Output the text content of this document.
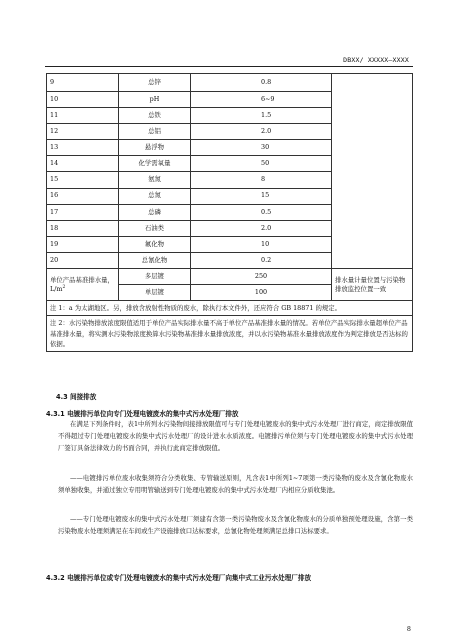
DBXX/ XXXXX—XXXX
9	总锌	0.8	
10	pH	6~9	
11	总铁	1.5	
12	总铝	2.0	
13	悬浮物	30	
14	化学需氧量	50	
15	氨氮	8	
16	总氮	15	
17	总磷	0.5	
18	石油类	2.0	
19	氟化物	10	
20	总氰化物	0.2	
单位产品基准排水量，$L/m^2$	多层镀	250	排水量计量位置与污染物排放监控位置一致
	单层镀	100	
注 1：a 为太湖地区。另，排放含放射性物质的废水，除执行本文件外，还应符合 GB 18871 的规定。			
注 2：水污染物排放浓度限值适用于单位产品实际排水量不高于单位产品基准排水量的情况。若单位产品实际排水量超单位产品基准排水量，将实测水污染物浓度换算水污染物基准排水量排放浓度，并以水污染物基准水量排放浓度作为判定排放是否达标的依据。			
4.3 间接排放
4.3.1 电镀排污单位向专门处理电镀废水的集中式污水处理厂排放

在满足下列条件时，表1中所列水污染物间接排放限值可与专门处理电镀废水的集中式污水处理厂进行商定，商定排放限值不得超过专门处理电镀废水的集中式污水处理厂的设计进水水质浓度。电镀排污单位须与专门处理电镀废水的集中式污水处理厂签订具备法律效力的书面合同，并执行此商定排放限值。

——电镀排污单位废水收集须符合分类收集、专管输送原则，凡含表1中所列1~7项第一类污染物的废水及含氰化物废水须单独收集，并通过独立专用明管输送到专门处理电镀废水的集中式污水处理厂内相应分质收集池。

——专门处理电镀废水的集中式污水处理厂须建有含第一类污染物废水及含氰化物废水的分质单独预处理设施，含第一类污染物废水处理须满足在车间或生产设施排放口达标要求，总氰化物处理须满足总排口达标要求。

4.3.2 电镀排污单位或专门处理电镀废水的集中式污水处理厂向集中式工业污水处理厂排放
8
